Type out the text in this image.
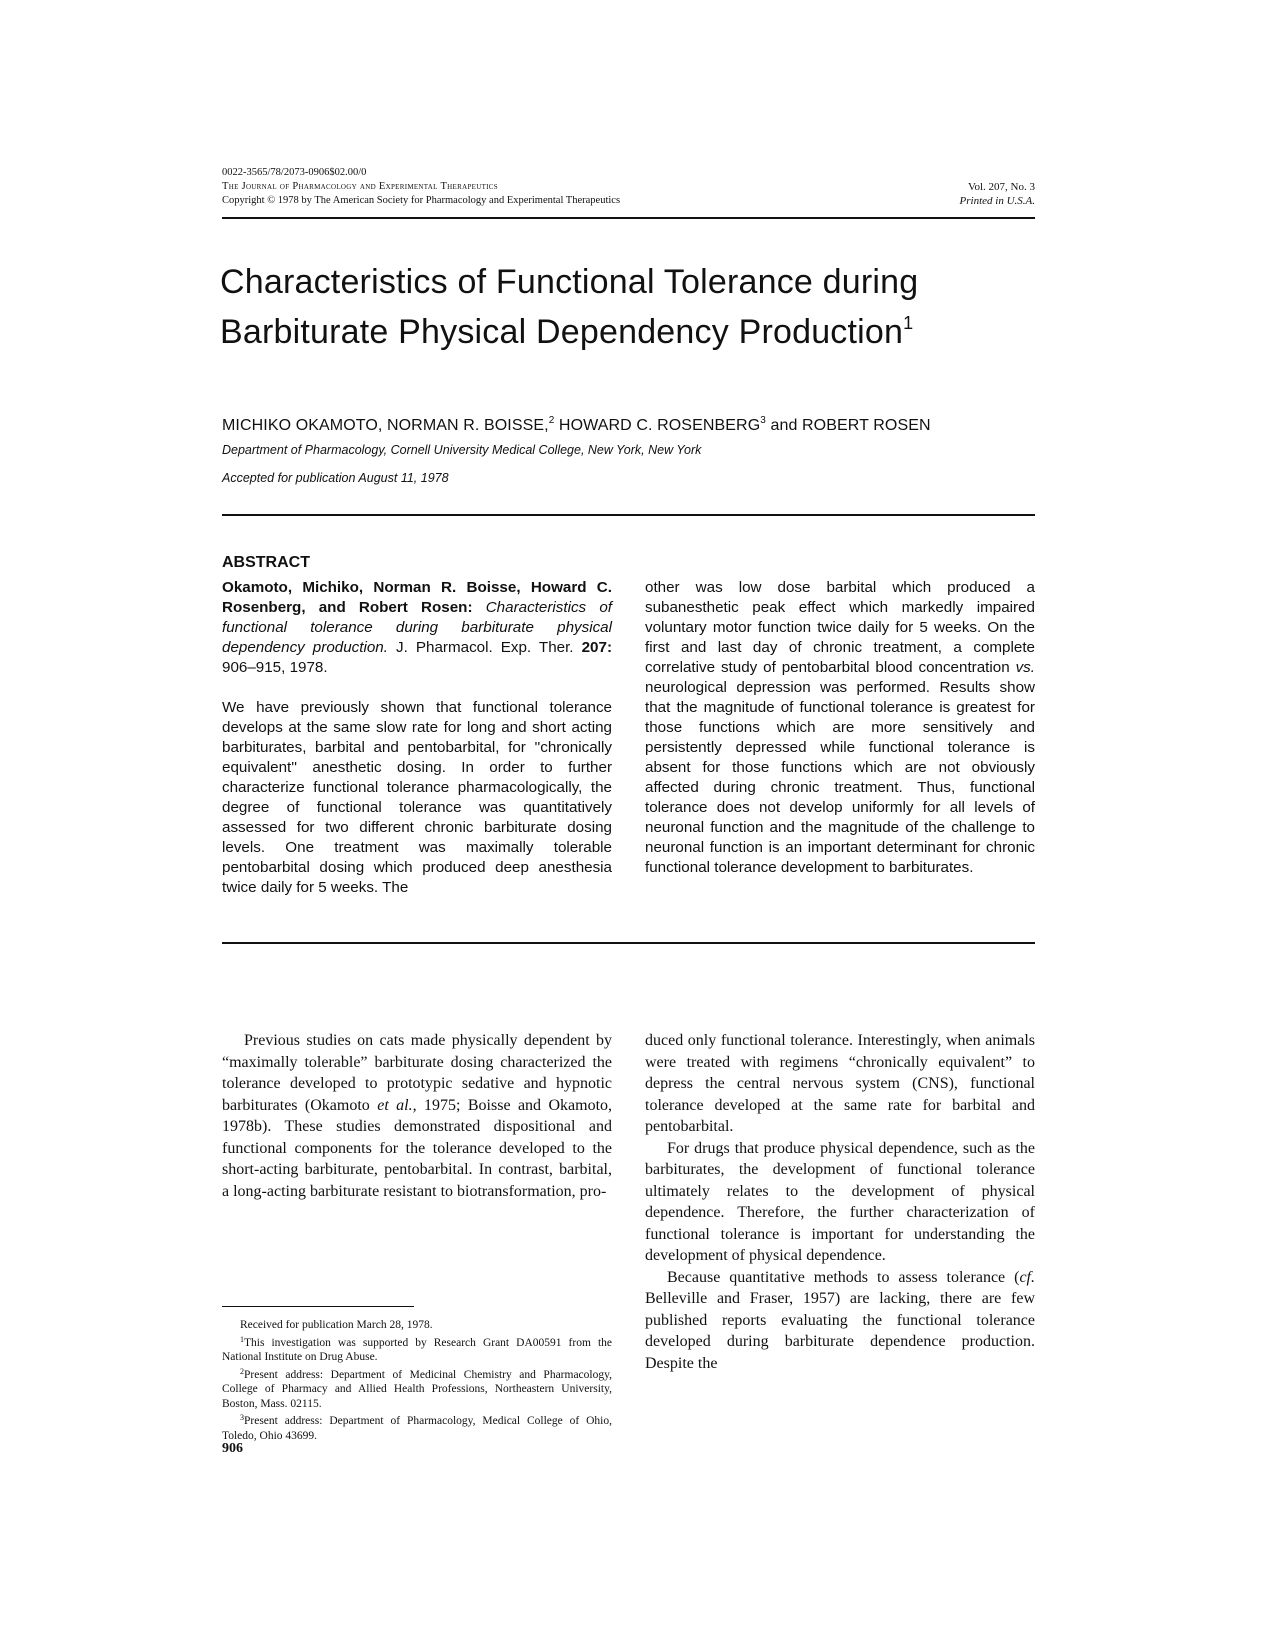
0022-3565/78/2073-0906$02.00/0
The Journal of Pharmacology and Experimental Therapeutics
Copyright © 1978 by The American Society for Pharmacology and Experimental Therapeutics
Vol. 207, No. 3
Printed in U.S.A.
Characteristics of Functional Tolerance during
Barbiturate Physical Dependency Production$^1$
MICHIKO OKAMOTO, NORMAN R. BOISSE,$^2$ HOWARD C. ROSENBERG$^3$ and ROBERT ROSEN
Department of Pharmacology, Cornell University Medical College, New York, New York
Accepted for publication August 11, 1978
ABSTRACT

Okamoto, Michiko, Norman R. Boisse, Howard C. Rosenberg, and Robert Rosen: Characteristics of functional tolerance during barbiturate physical dependency production. J. Pharmacol. Exp. Ther. 207: 906–915, 1978.

We have previously shown that functional tolerance develops at the same slow rate for long and short acting barbiturates, barbital and pentobarbital, for ''chronically equivalent'' anesthetic dosing. In order to further characterize functional tolerance pharmacologically, the degree of functional tolerance was quantitatively assessed for two different chronic barbiturate dosing levels. One treatment was maximally tolerable pentobarbital dosing which produced deep anesthesia twice daily for 5 weeks. The

other was low dose barbital which produced a subanesthetic peak effect which markedly impaired voluntary motor function twice daily for 5 weeks. On the first and last day of chronic treatment, a complete correlative study of pentobarbital blood concentration vs. neurological depression was performed. Results show that the magnitude of functional tolerance is greatest for those functions which are more sensitively and persistently depressed while functional tolerance is absent for those functions which are not obviously affected during chronic treatment. Thus, functional tolerance does not develop uniformly for all levels of neuronal function and the magnitude of the challenge to neuronal function is an important determinant for chronic functional tolerance development to barbiturates.

Previous studies on cats made physically dependent by “maximally tolerable” barbiturate dosing characterized the tolerance developed to prototypic sedative and hypnotic barbiturates (Okamoto et al., 1975; Boisse and Okamoto, 1978b). These studies demonstrated dispositional and functional components for the tolerance developed to the short-acting barbiturate, pentobarbital. In contrast, barbital, a long-acting barbiturate resistant to biotransformation, pro-

duced only functional tolerance. Interestingly, when animals were treated with regimens “chronically equivalent” to depress the central nervous system (CNS), functional tolerance developed at the same rate for barbital and pentobarbital.

For drugs that produce physical dependence, such as the barbiturates, the development of functional tolerance ultimately relates to the development of physical dependence. Therefore, the further characterization of functional tolerance is important for understanding the development of physical dependence.

Because quantitative methods to assess tolerance (cf. Belleville and Fraser, 1957) are lacking, there are few published reports evaluating the functional tolerance developed during barbiturate dependence production. Despite the

Received for publication March 28, 1978.

$^1$This investigation was supported by Research Grant DA00591 from the National Institute on Drug Abuse.

$^2$Present address: Department of Medicinal Chemistry and Pharmacology, College of Pharmacy and Allied Health Professions, Northeastern University, Boston, Mass. 02115.

$^3$Present address: Department of Pharmacology, Medical College of Ohio, Toledo, Ohio 43699.

906
